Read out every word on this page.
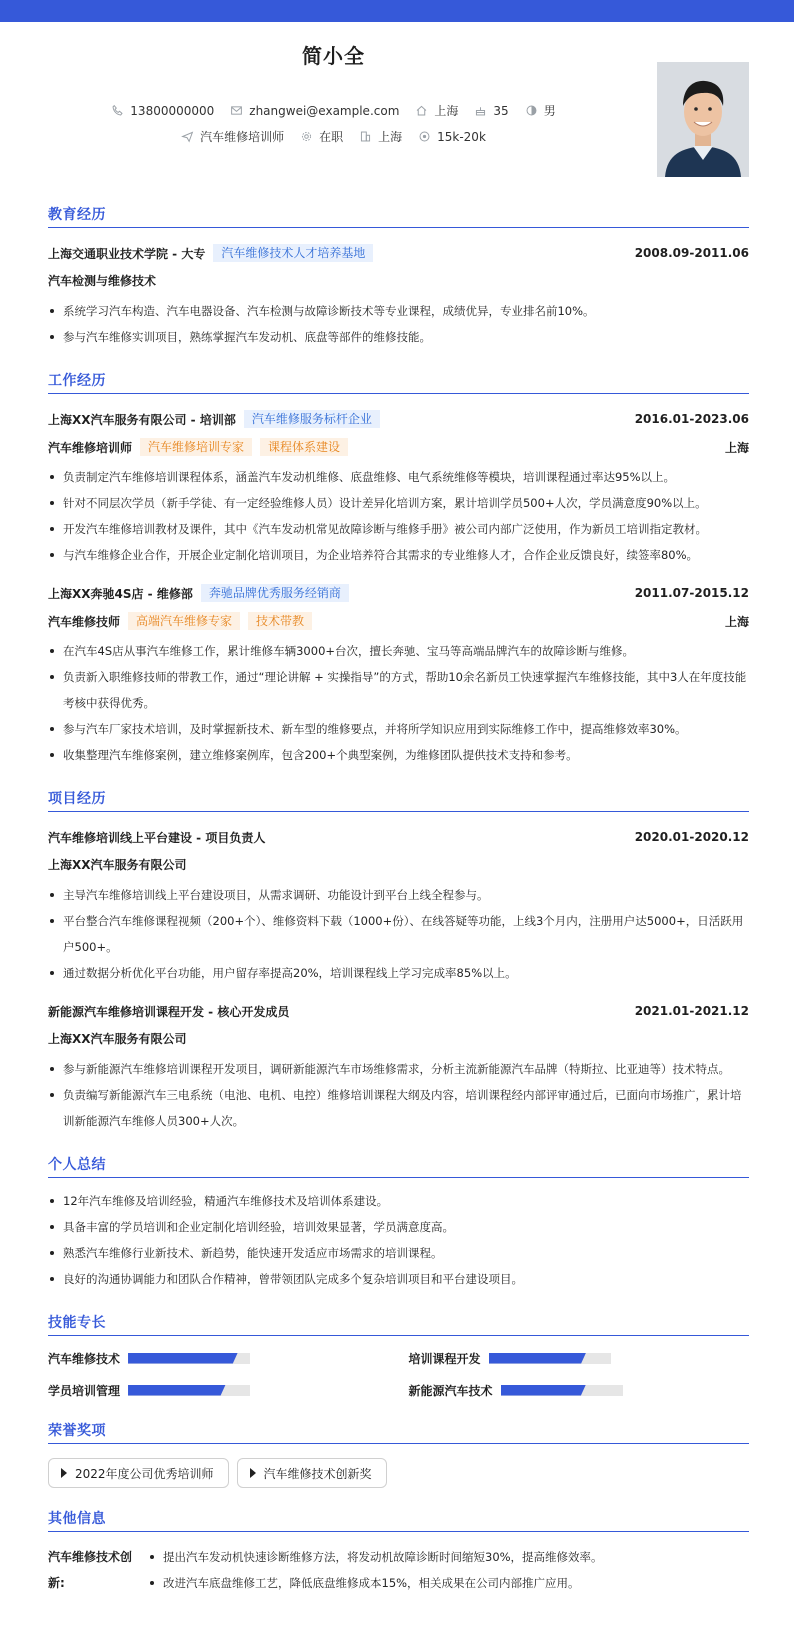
简小全
13800000000	zhangwei@example.com	上海	35	男
汽车维修培训师	在职	上海	15k-20k
教育经历
上海交通职业技术学院 - 大专	汽车维修技术人才培养基地	2008.09-2011.06
汽车检测与维修技术
系统学习汽车构造、汽车电器设备、汽车检测与故障诊断技术等专业课程，成绩优异，专业排名前10%。
参与汽车维修实训项目，熟练掌握汽车发动机、底盘等部件的维修技能。
工作经历
上海XX汽车服务有限公司 - 培训部	汽车维修服务标杆企业	2016.01-2023.06
汽车维修培训师	汽车维修培训专家	课程体系建设	上海
负责制定汽车维修培训课程体系，涵盖汽车发动机维修、底盘维修、电气系统维修等模块，培训课程通过率达95%以上。
针对不同层次学员（新手学徒、有一定经验维修人员）设计差异化培训方案，累计培训学员500+人次，学员满意度90%以上。
开发汽车维修培训教材及课件，其中《汽车发动机常见故障诊断与维修手册》被公司内部广泛使用，作为新员工培训指定教材。
与汽车维修企业合作，开展企业定制化培训项目，为企业培养符合其需求的专业维修人才，合作企业反馈良好，续签率80%。
上海XX奔驰4S店 - 维修部	奔驰品牌优秀服务经销商	2011.07-2015.12
汽车维修技师	高端汽车维修专家	技术带教	上海
在汽车4S店从事汽车维修工作，累计维修车辆3000+台次，擅长奔驰、宝马等高端品牌汽车的故障诊断与维修。
负责新入职维修技师的带教工作，通过“理论讲解 + 实操指导”的方式，帮助10余名新员工快速掌握汽车维修技能，其中3人在年度技能考核中获得优秀。
参与汽车厂家技术培训，及时掌握新技术、新车型的维修要点，并将所学知识应用到实际维修工作中，提高维修效率30%。
收集整理汽车维修案例，建立维修案例库，包含200+个典型案例，为维修团队提供技术支持和参考。
项目经历
汽车维修培训线上平台建设 - 项目负责人	2020.01-2020.12
上海XX汽车服务有限公司
主导汽车维修培训线上平台建设项目，从需求调研、功能设计到平台上线全程参与。
平台整合汽车维修课程视频（200+个）、维修资料下载（1000+份）、在线答疑等功能，上线3个月内，注册用户达5000+，日活跃用户500+。
通过数据分析优化平台功能，用户留存率提高20%，培训课程线上学习完成率85%以上。
新能源汽车维修培训课程开发 - 核心开发成员	2021.01-2021.12
上海XX汽车服务有限公司
参与新能源汽车维修培训课程开发项目，调研新能源汽车市场维修需求，分析主流新能源汽车品牌（特斯拉、比亚迪等）技术特点。
负责编写新能源汽车三电系统（电池、电机、电控）维修培训课程大纲及内容，培训课程经内部评审通过后，已面向市场推广，累计培训新能源汽车维修人员300+人次。
个人总结
12年汽车维修及培训经验，精通汽车维修技术及培训体系建设。
具备丰富的学员培训和企业定制化培训经验，培训效果显著，学员满意度高。
熟悉汽车维修行业新技术、新趋势，能快速开发适应市场需求的培训课程。
良好的沟通协调能力和团队合作精神，曾带领团队完成多个复杂培训项目和平台建设项目。
技能专长
汽车维修技术	培训课程开发
学员培训管理	新能源汽车技术
荣誉奖项
2022年度公司优秀培训师	汽车维修技术创新奖
其他信息
汽车维修技术创新:
提出汽车发动机快速诊断维修方法，将发动机故障诊断时间缩短30%，提高维修效率。
改进汽车底盘维修工艺，降低底盘维修成本15%，相关成果在公司内部推广应用。
